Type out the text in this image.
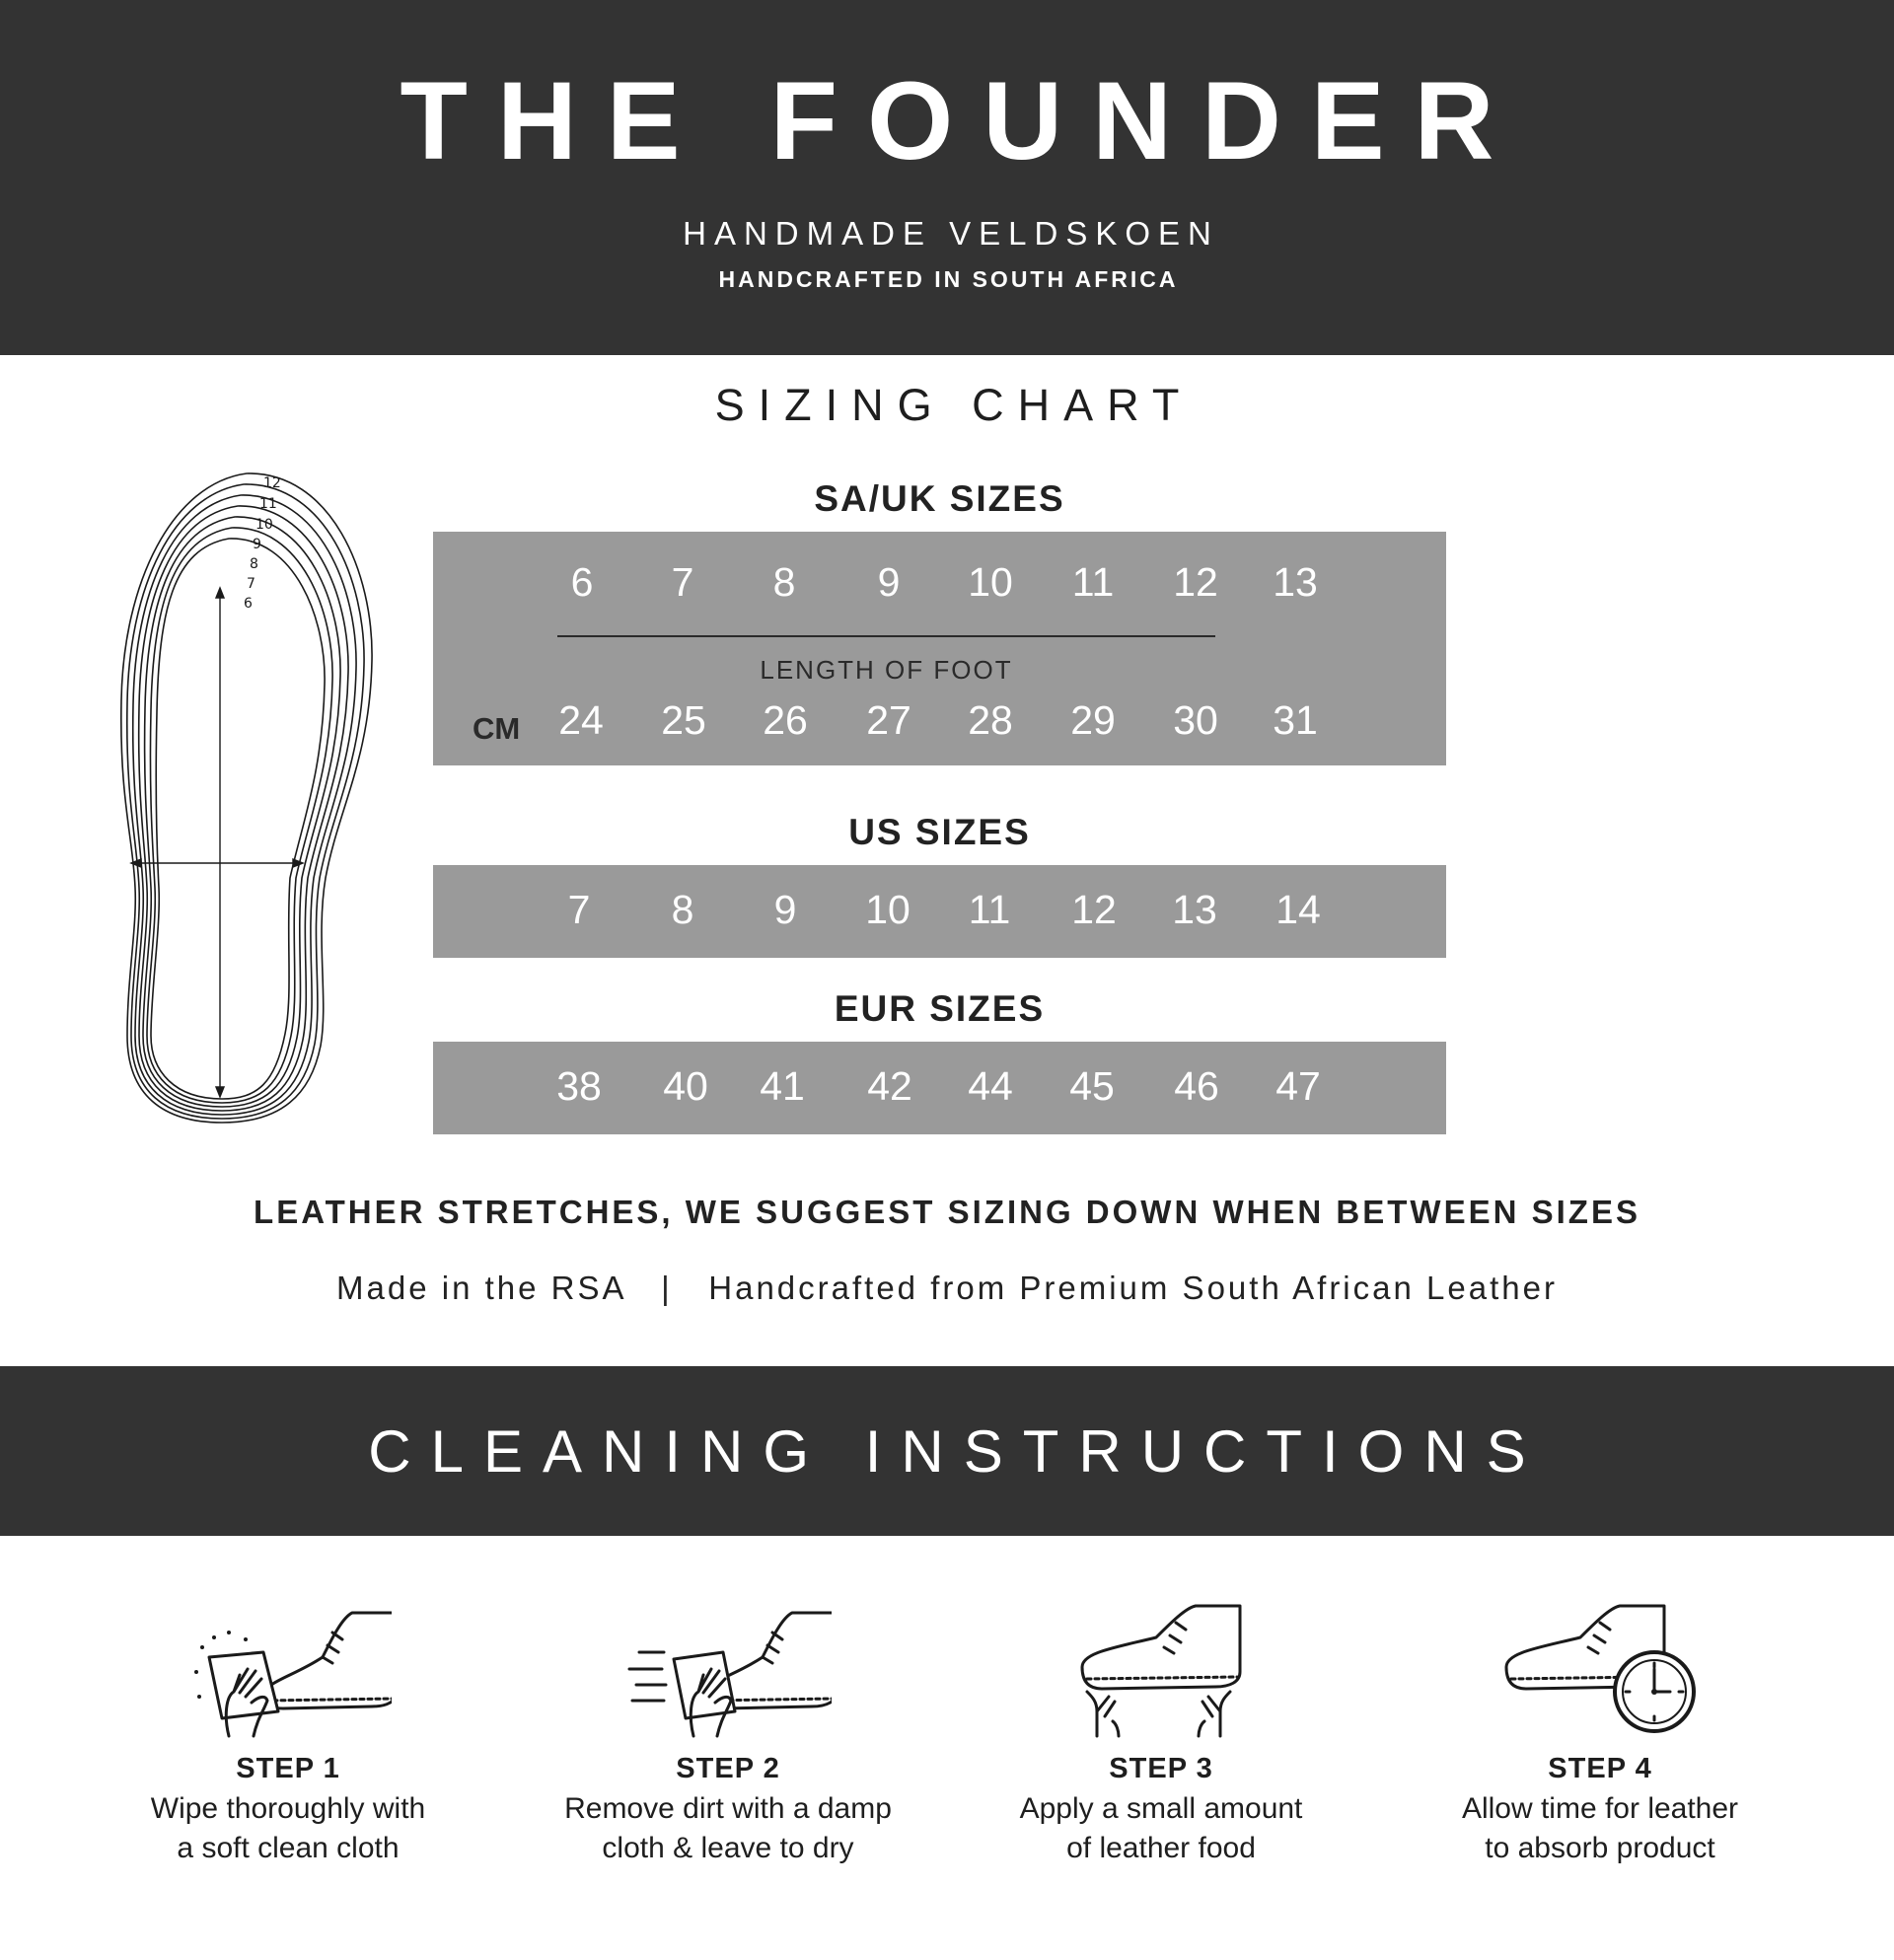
THE FOUNDER
HANDMADE VELDSKOEN
HANDCRAFTED IN SOUTH AFRICA
SIZING CHART
12
11
10
9
8
7
6
SA/UK SIZES
6	7	8	9	10	11	12	13
LENGTH OF FOOT
CM 24	25	26	27	28	29	30	31
US SIZES
7	8	9	10	11	12	13	14
EUR SIZES
38	40	41	42	44	45	46	47
LEATHER STRETCHES, WE SUGGEST SIZING DOWN WHEN BETWEEN SIZES
Made in the RSA   |   Handcrafted from Premium South African Leather
CLEANING INSTRUCTIONS
STEP 1
Wipe thoroughly with
a soft clean cloth
STEP 2
Remove dirt with a damp
cloth & leave to dry
STEP 3
Apply a small amount
of leather food
STEP 4
Allow time for leather
to absorb product
